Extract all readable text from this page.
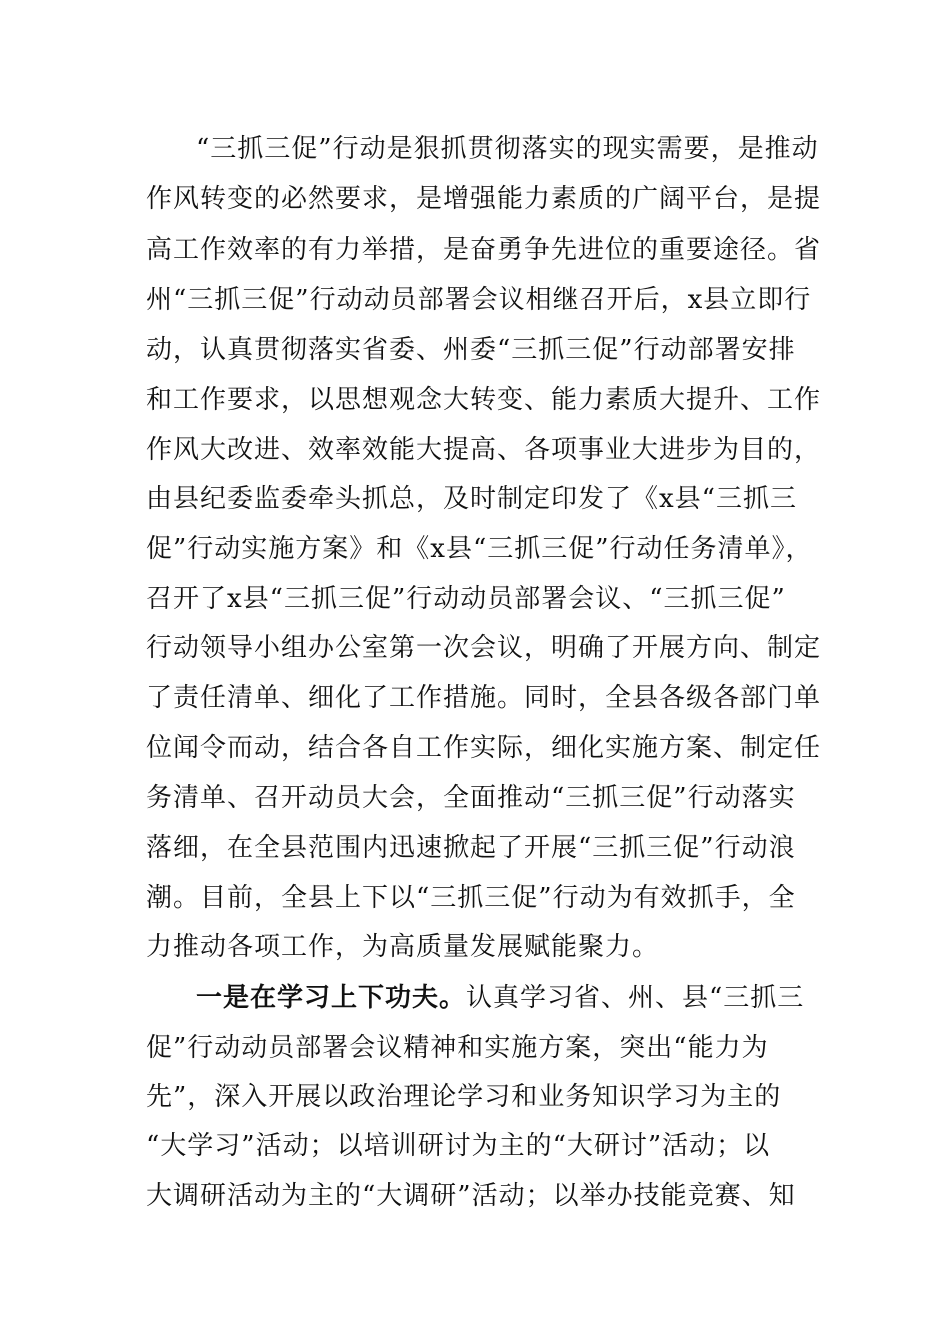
“三抓三促”行动是狠抓贯彻落实的现实需要，是推动
作风转变的必然要求，是增强能力素质的广阔平台，是提
高工作效率的有力举措，是奋勇争先进位的重要途径。省
州“三抓三促”行动动员部署会议相继召开后，x县立即行
动，认真贯彻落实省委、州委“三抓三促”行动部署安排
和工作要求，以思想观念大转变、能力素质大提升、工作
作风大改进、效率效能大提高、各项事业大进步为目的，
由县纪委监委牵头抓总，及时制定印发了《x县“三抓三
促”行动实施方案》和《x县“三抓三促”行动任务清单》，
召开了x县“三抓三促”行动动员部署会议、“三抓三促”
行动领导小组办公室第一次会议，明确了开展方向、制定
了责任清单、细化了工作措施。同时，全县各级各部门单
位闻令而动，结合各自工作实际，细化实施方案、制定任
务清单、召开动员大会，全面推动“三抓三促”行动落实
落细，在全县范围内迅速掀起了开展“三抓三促”行动浪
潮。目前，全县上下以“三抓三促”行动为有效抓手，全
力推动各项工作，为高质量发展赋能聚力。
一是在学习上下功夫。认真学习省、州、县“三抓三
促”行动动员部署会议精神和实施方案，突出“能力为
先”，深入开展以政治理论学习和业务知识学习为主的
“大学习”活动；以培训研讨为主的“大研讨”活动；以
大调研活动为主的“大调研”活动；以举办技能竞赛、知
